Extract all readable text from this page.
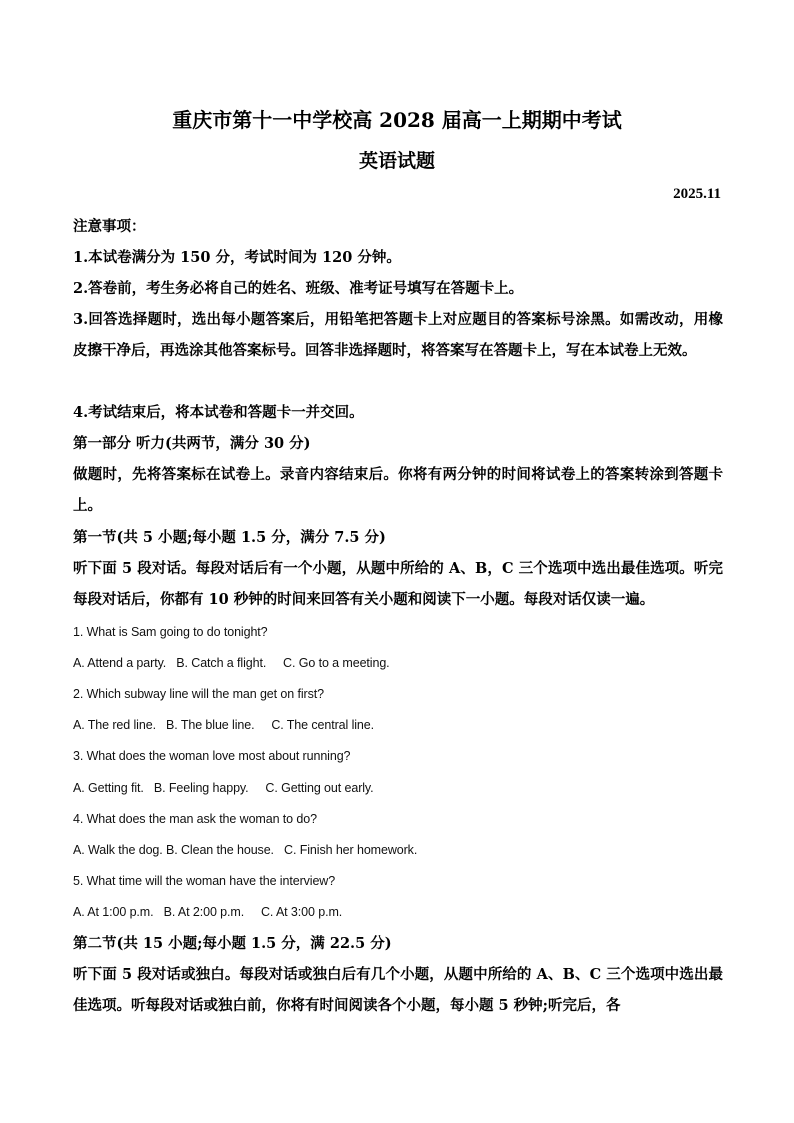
重庆市第十一中学校高 2028 届高一上期期中考试
英语试题
2025.11
注意事项：
1.本试卷满分为 150 分，考试时间为 120 分钟。
2.答卷前，考生务必将自己的姓名、班级、准考证号填写在答题卡上。
3.回答选择题时，选出每小题答案后，用铅笔把答题卡上对应题目的答案标号涂黑。如需改动，用橡皮擦干净后，再选涂其他答案标号。回答非选择题时，将答案写在答题卡上，写在本试卷上无效。
4.考试结束后，将本试卷和答题卡一并交回。
第一部分 听力(共两节，满分 30 分)
做题时，先将答案标在试卷上。录音内容结束后。你将有两分钟的时间将试卷上的答案转涂到答题卡上。
第一节(共 5 小题;每小题 1.5 分，满分 7.5 分)
听下面 5 段对话。每段对话后有一个小题，从题中所给的 A、B，C 三个选项中选出最佳选项。听完每段对话后，你都有 10 秒钟的时间来回答有关小题和阅读下一小题。每段对话仅读一遍。
1. What is Sam going to do tonight?
A. Attend a party.   B. Catch a flight.     C. Go to a meeting.
2. Which subway line will the man get on first?
A. The red line.   B. The blue line.     C. The central line.
3. What does the woman love most about running?
A. Getting fit.   B. Feeling happy.     C. Getting out early.
4. What does the man ask the woman to do?
A. Walk the dog. B. Clean the house.   C. Finish her homework.
5. What time will the woman have the interview?
A. At 1:00 p.m.   B. At 2:00 p.m.     C. At 3:00 p.m.
第二节(共 15 小题;每小题 1.5 分，满 22.5 分)
听下面 5 段对话或独白。每段对话或独白后有几个小题，从题中所给的 A、B、C 三个选项中选出最佳选项。听每段对话或独白前，你将有时间阅读各个小题，每小题 5 秒钟;听完后，各
